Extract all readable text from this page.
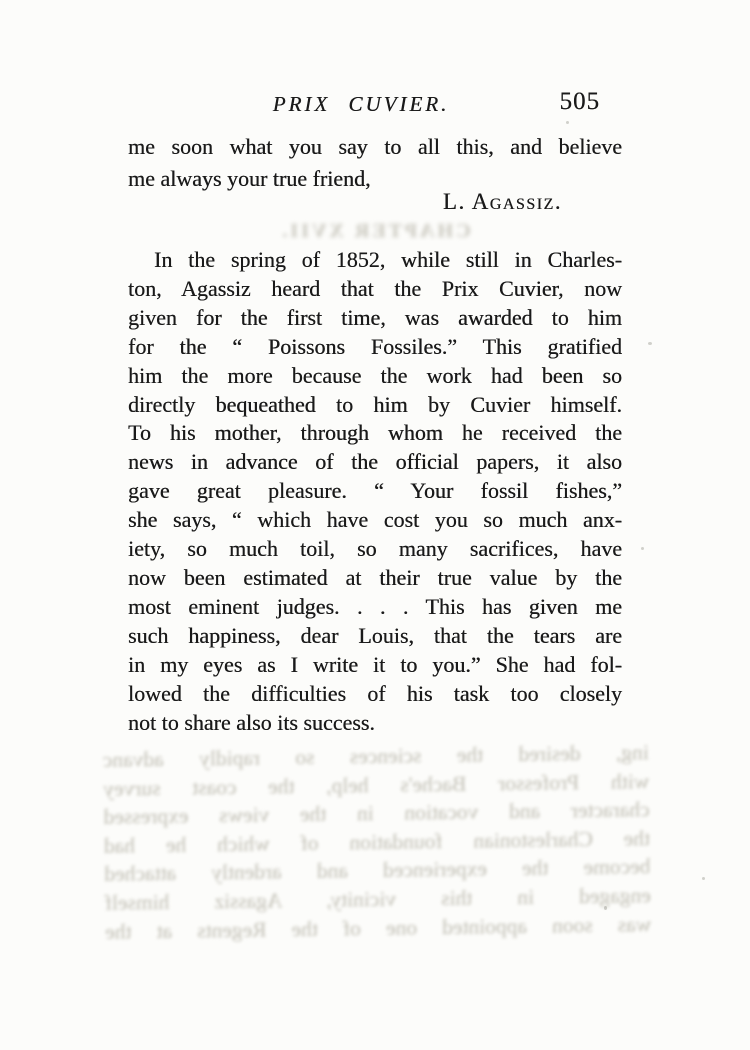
PRIX CUVIER.	505
me soon what you say to all this, and believe
me always your true friend,
L. Agassiz.
CHAPTER XVII.
In the spring of 1852, while still in Charles-
ton, Agassiz heard that the Prix Cuvier, now
given for the first time, was awarded to him
for the “ Poissons Fossiles.” This gratified
him the more because the work had been so
directly bequeathed to him by Cuvier himself.
To his mother, through whom he received the
news in advance of the official papers, it also
gave great pleasure. “ Your fossil fishes,”
she says, “ which have cost you so much anx-
iety, so much toil, so many sacrifices, have
now been estimated at their true value by the
most eminent judges. . . . This has given me
such happiness, dear Louis, that the tears are
in my eyes as I write it to you.” She had fol-
lowed the difficulties of his task too closely
not to share also its success.
ing, desired the sciences so rapidly advanc
with Professor Bache's help, the coast survey
character and vocation in the views expressed
the Charlestonian foundation of which he had
become the experienced and ardently attached
engaged in this vicinity, Agassiz himself
was soon appointed one of the Regents at the
